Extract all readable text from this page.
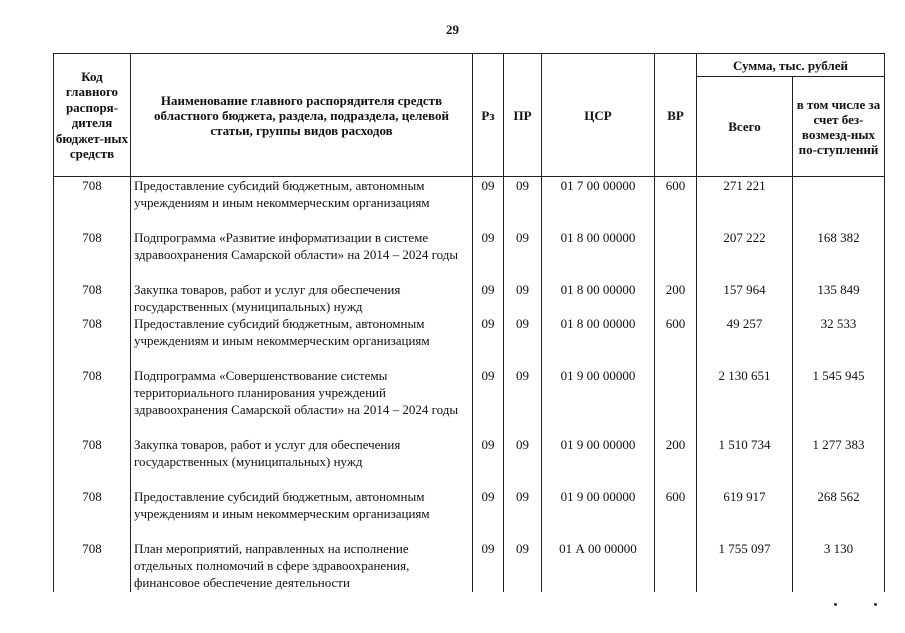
29
Код главного распоря-дителя бюджет-ных средств	Наименование главного распорядителя средств областного бюджета, раздела, подраздела, целевой статьи, группы видов расходов	Рз	ПР	ЦСР	ВР	Сумма, тыс. рублей	
						Всего	в том числе за счет без-возмезд-ных по-ступлений
708	Предоставление субсидий бюджетным, автономным учреждениям и иным некоммерческим организациям	09	09	01 7 00 00000	600	271 221	
708	Подпрограмма «Развитие информатизации в системе здравоохранения Самарской области» на 2014 – 2024 годы	09	09	01 8 00 00000		207 222	168 382
708	Закупка товаров, работ и услуг для обеспечения государственных (муниципальных) нужд	09	09	01 8 00 00000	200	157 964	135 849
708	Предоставление субсидий бюджетным, автономным учреждениям и иным некоммерческим организациям	09	09	01 8 00 00000	600	49 257	32 533
708	Подпрограмма «Совершенствование системы территориального планирования учреждений здравоохранения Самарской области» на 2014 – 2024 годы	09	09	01 9 00 00000		2 130 651	1 545 945
708	Закупка товаров, работ и услуг для обеспечения государственных (муниципальных) нужд	09	09	01 9 00 00000	200	1 510 734	1 277 383
708	Предоставление субсидий бюджетным, автономным учреждениям и иным некоммерческим организациям	09	09	01 9 00 00000	600	619 917	268 562
708	План мероприятий, направленных на исполнение отдельных полномочий в сфере здравоохранения, финансовое обеспечение деятельности	09	09	01 А 00 00000		1 755 097	3 130
